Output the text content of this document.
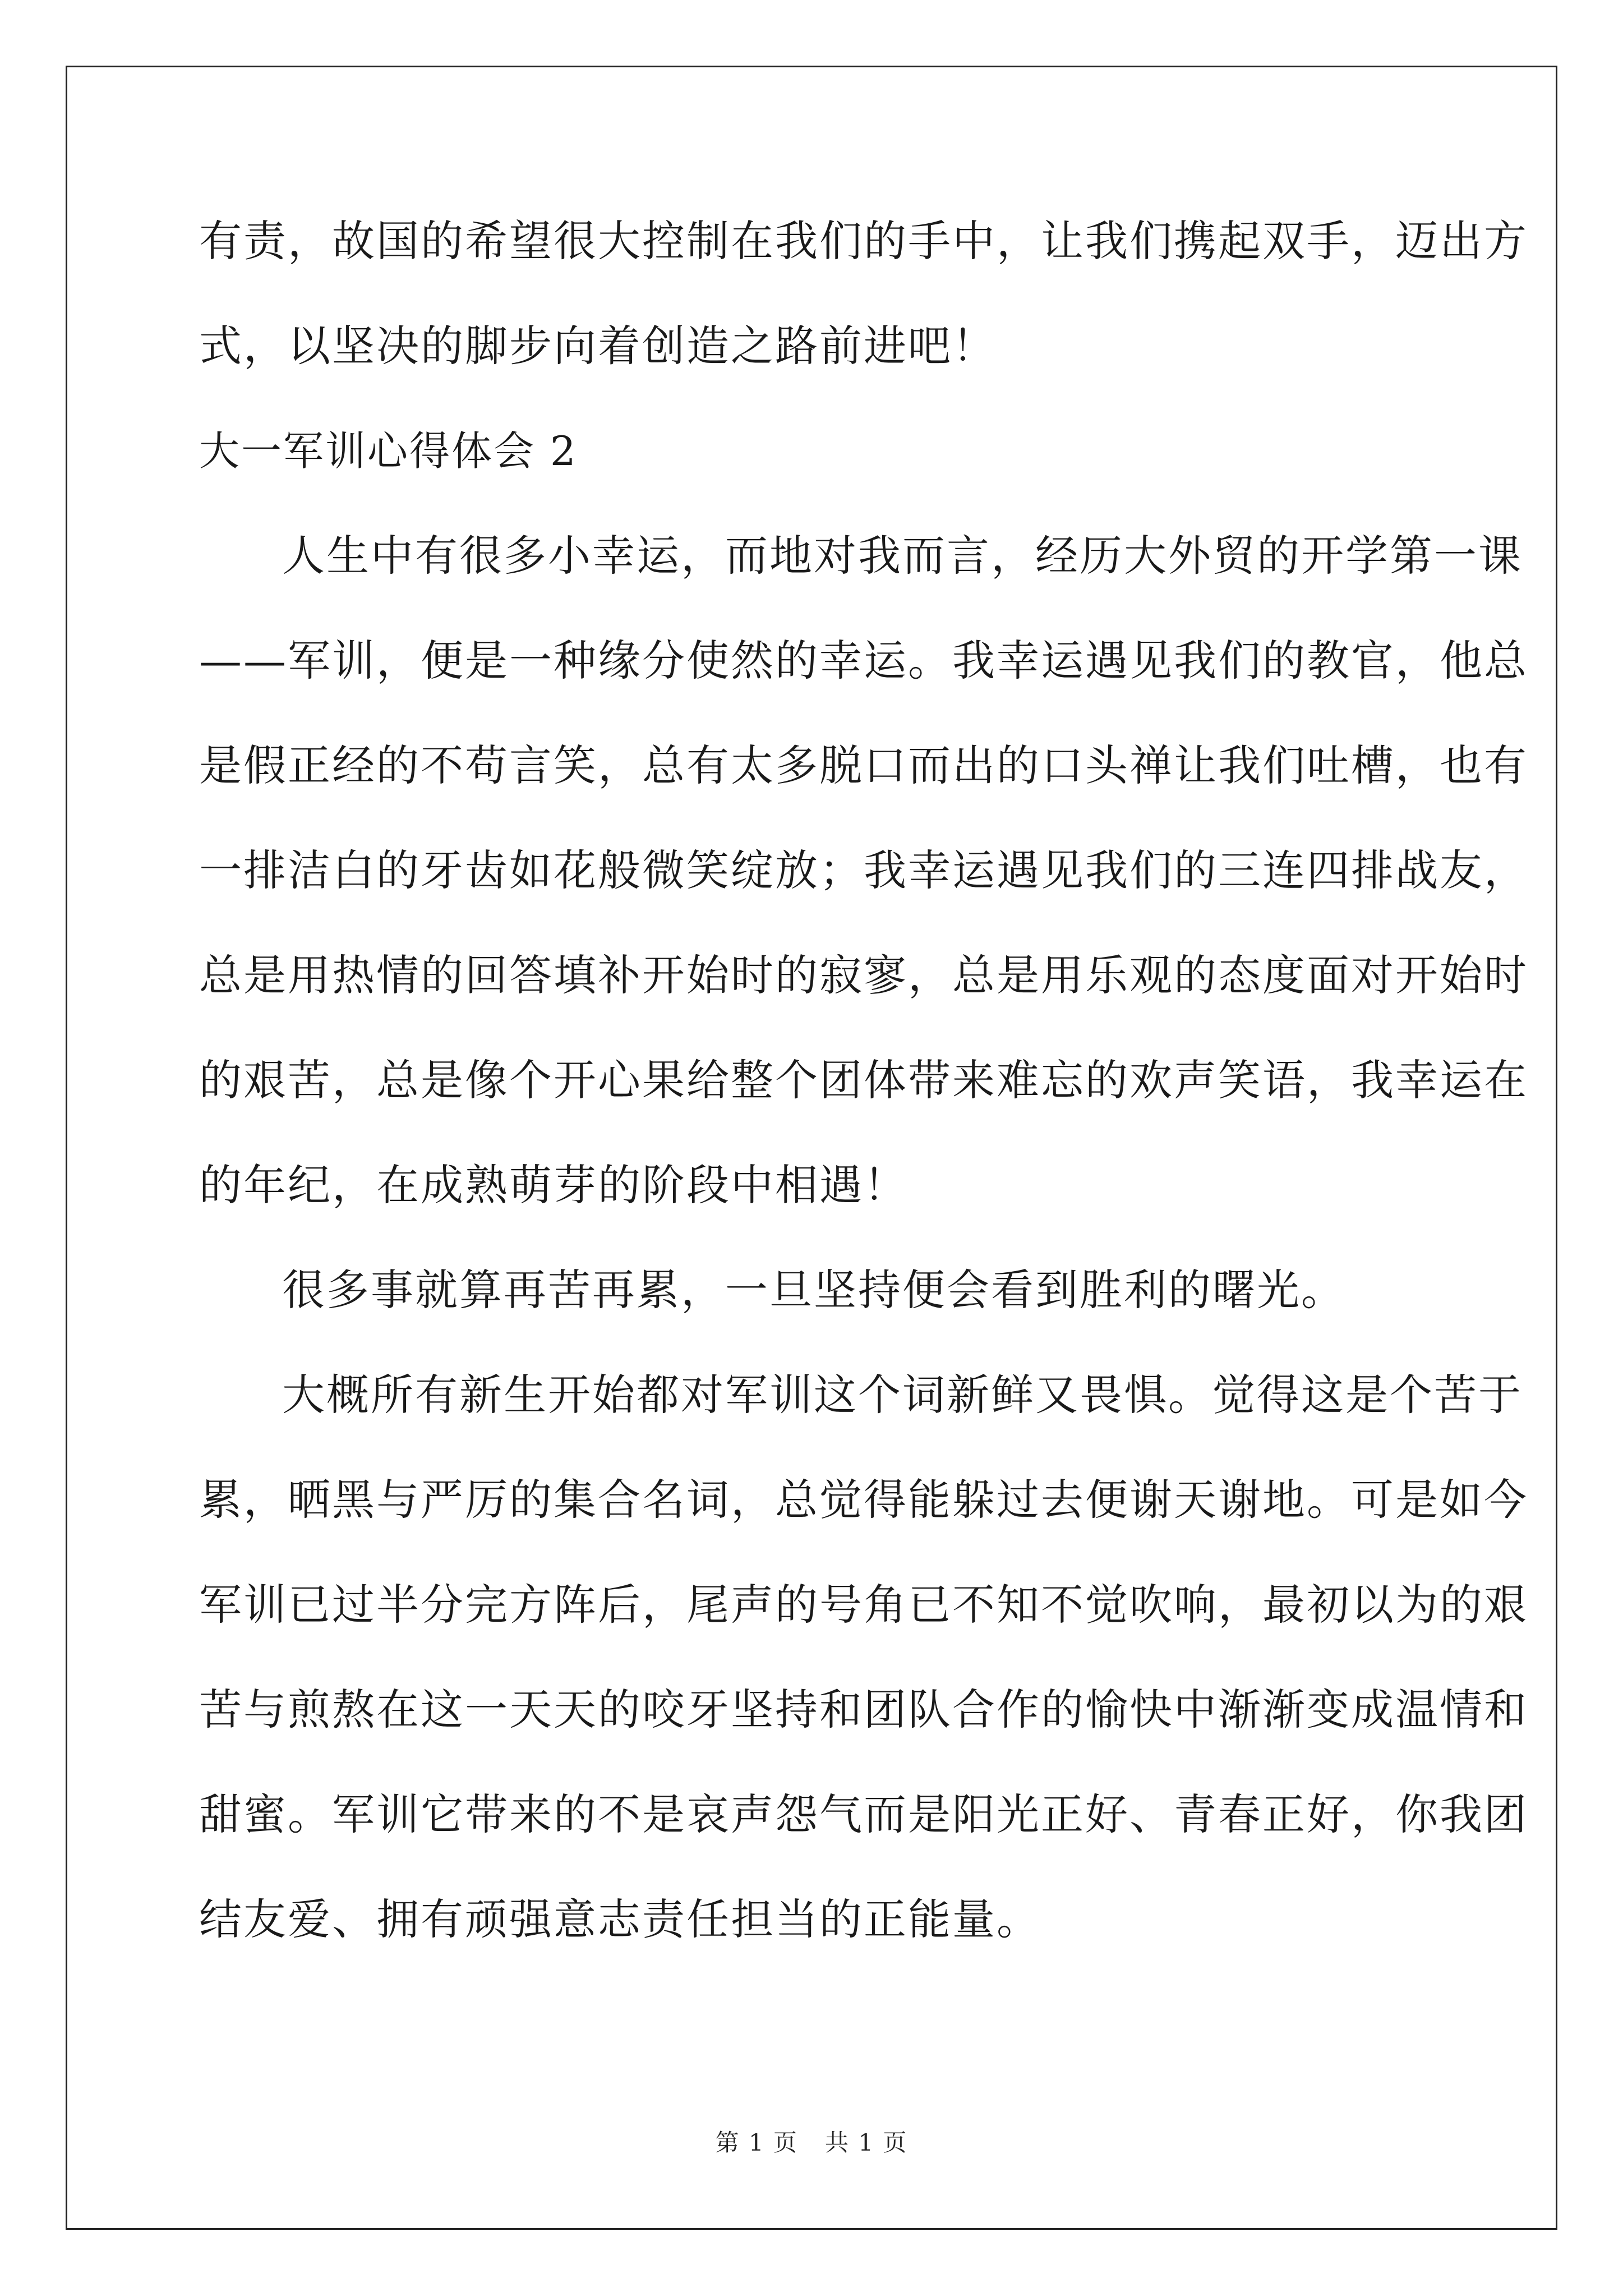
有责，故国的希望很大控制在我们的手中，让我们携起双手，迈出方

式，以坚决的脚步向着创造之路前进吧！

大一军训心得体会 2

人生中有很多小幸运，而地对我而言，经历大外贸的开学第一课

——军训，便是一种缘分使然的幸运。我幸运遇见我们的教官，他总

是假正经的不苟言笑，总有太多脱口而出的口头禅让我们吐槽，也有

一排洁白的牙齿如花般微笑绽放；我幸运遇见我们的三连四排战友，

总是用热情的回答填补开始时的寂寥，总是用乐观的态度面对开始时

的艰苦，总是像个开心果给整个团体带来难忘的欢声笑语，我幸运在

的年纪，在成熟萌芽的阶段中相遇！

很多事就算再苦再累，一旦坚持便会看到胜利的曙光。

大概所有新生开始都对军训这个词新鲜又畏惧。觉得这是个苦于

累，晒黑与严厉的集合名词，总觉得能躲过去便谢天谢地。可是如今

军训已过半分完方阵后，尾声的号角已不知不觉吹响，最初以为的艰

苦与煎熬在这一天天的咬牙坚持和团队合作的愉快中渐渐变成温情和

甜蜜。军训它带来的不是哀声怨气而是阳光正好、青春正好，你我团

结友爱、拥有顽强意志责任担当的正能量。

第 1 页 共 1 页
